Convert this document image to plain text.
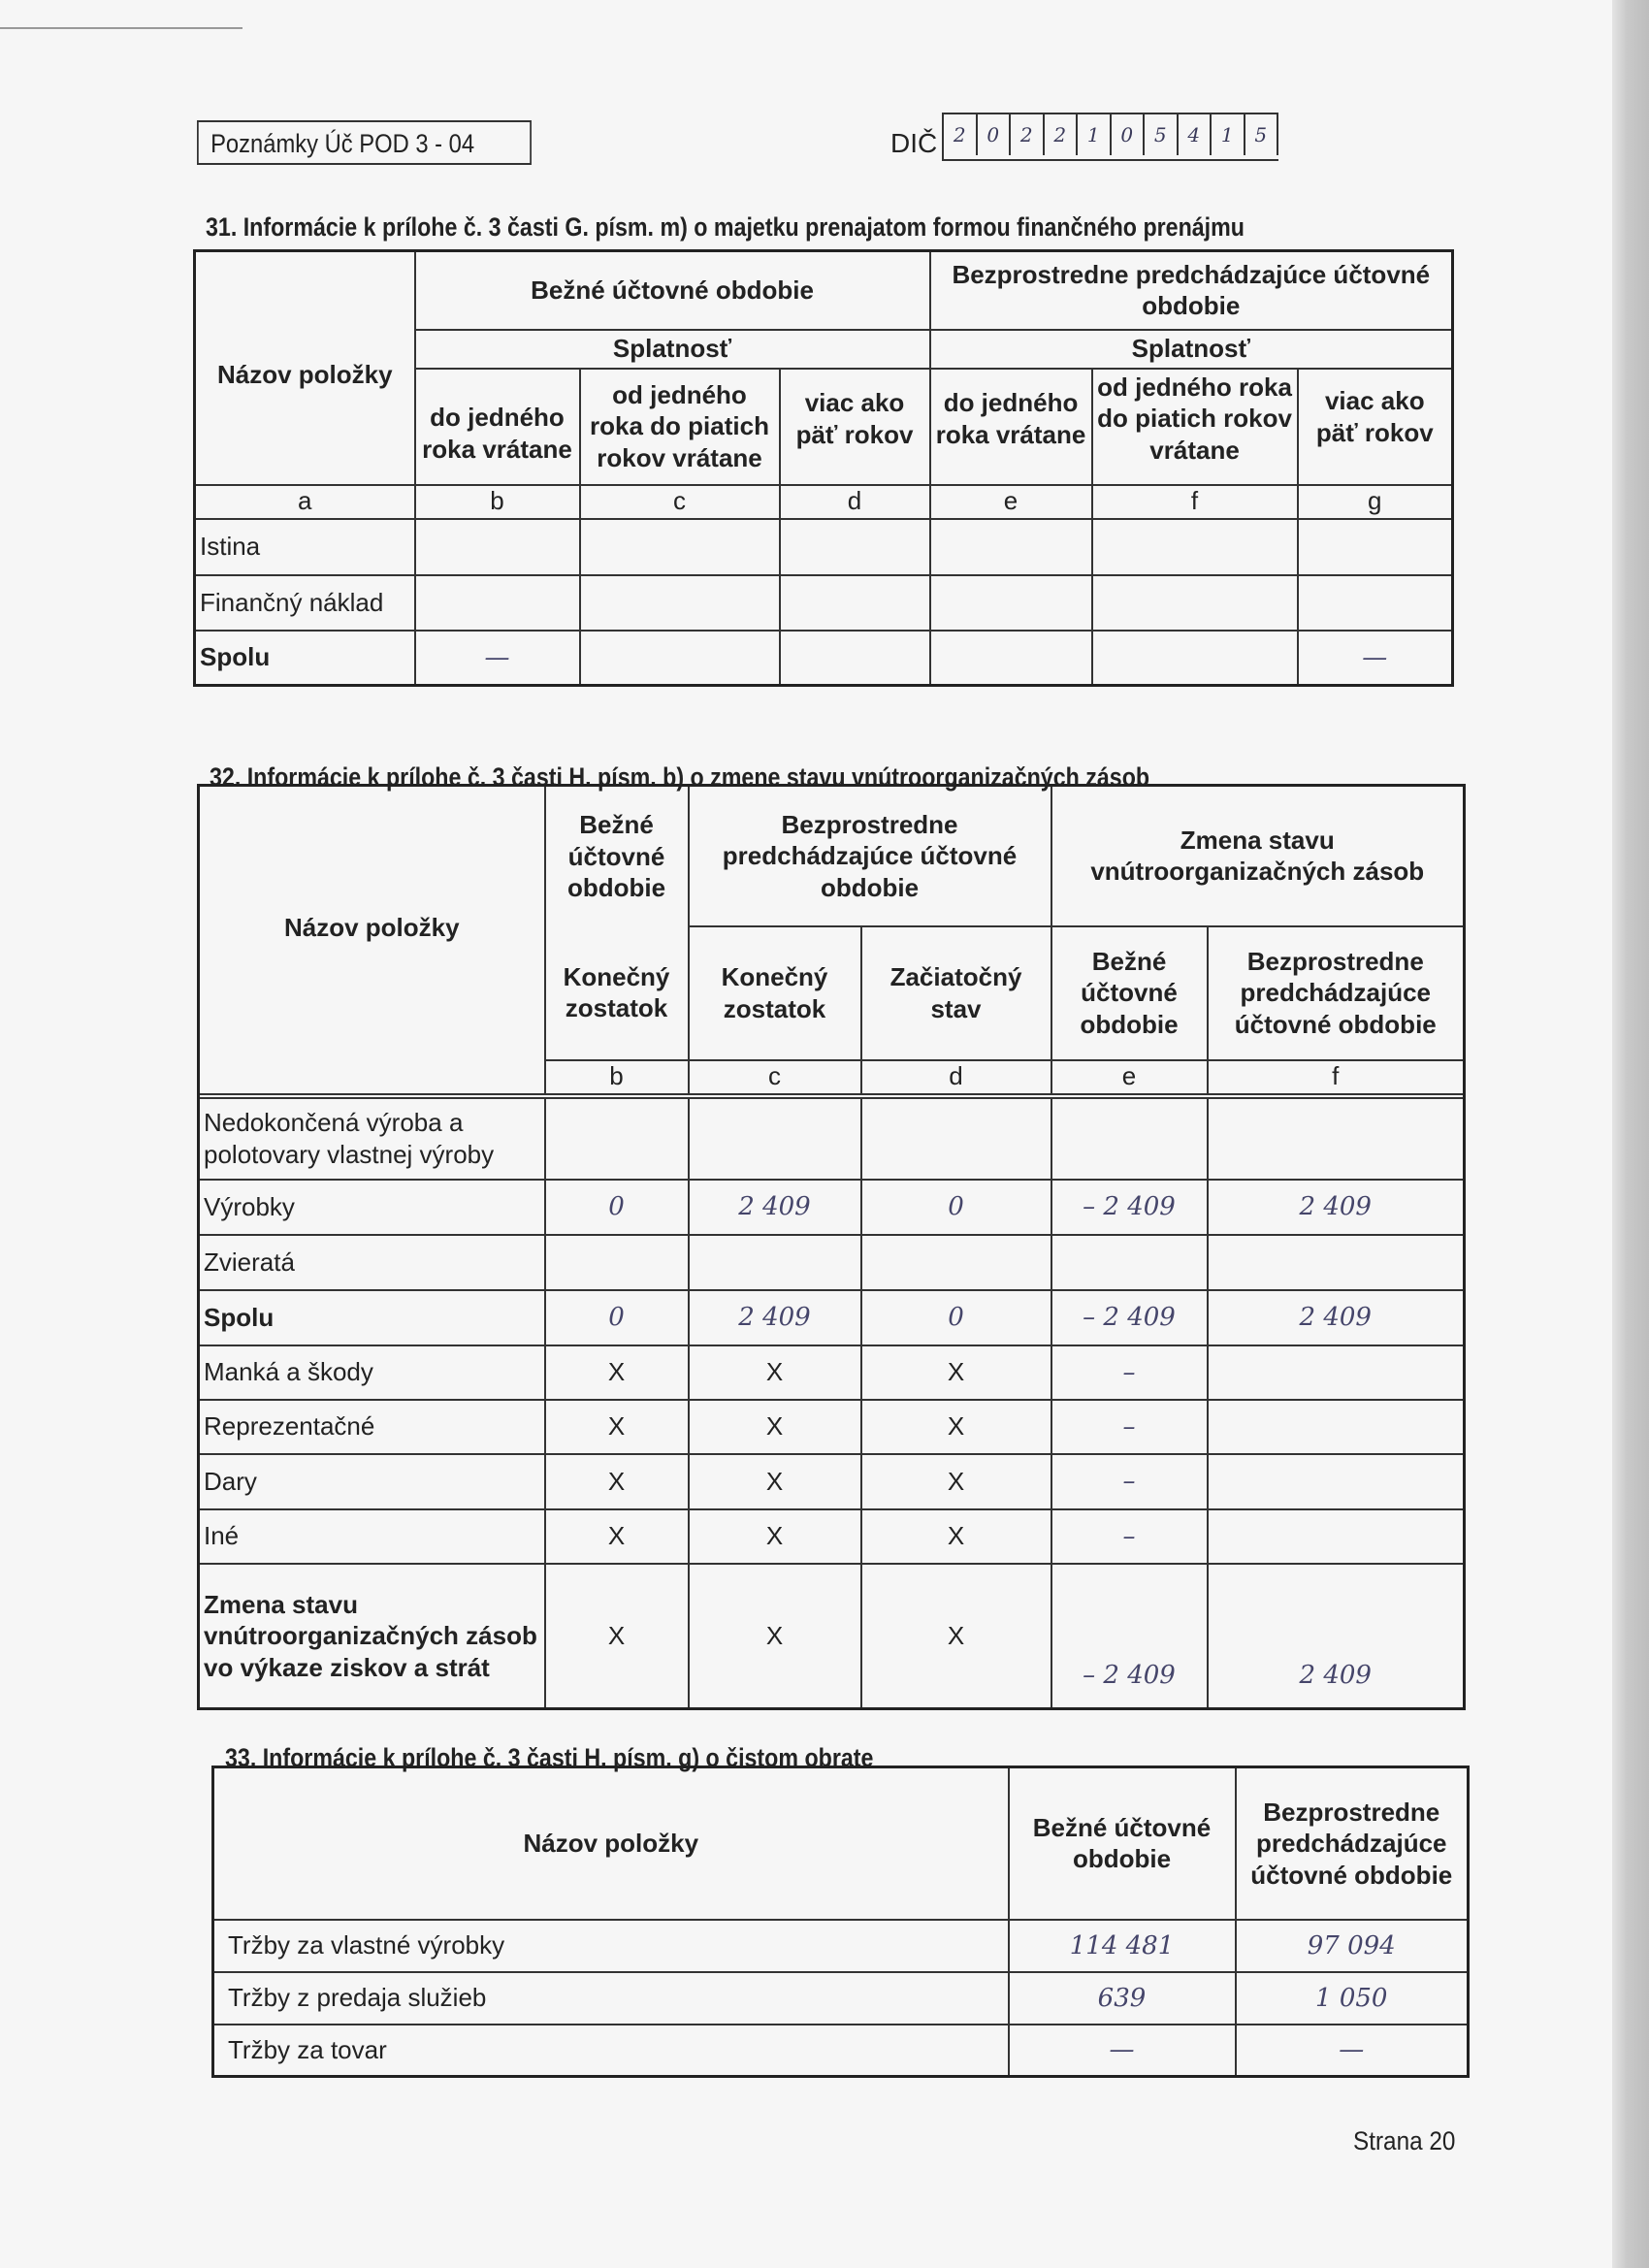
Poznámky Úč POD 3 - 04	DIČ 2	0	2	2	1	0	5	4	1	5
31. Informácie k prílohe č. 3 časti G. písm. m) o majetku prenajatom formou finančného prenájmu
Názov položky	Bežné účtovné obdobie			Bezprostredne predchádzajúce účtovné obdobie		
	Splatnosť			Splatnosť		
	do jedného roka vrátane	od jedného roka do piatich rokov vrátane	viac ako päť rokov	do jedného roka vrátane	od jedného roka do piatich rokov vrátane	viac ako päť rokov
a	b	c	d	e	f	g
Istina						
Finančný náklad						
Spolu	—					—
32. Informácie k prílohe č. 3 časti H. písm. b) o zmene stavu vnútroorganizačných zásob
Názov položky	Bežné účtovné obdobie	Bezprostredne predchádzajúce účtovné obdobie		Zmena stavu vnútroorganizačných zásob	
	Konečný zostatok	Konečný zostatok	Začiatočný stav	Bežné účtovné obdobie	Bezprostredne predchádzajúce účtovné obdobie
	b	c	d	e	f

Nedokončená výroba a polotovary vlastnej výroby					
Výrobky	0	2 409	0	– 2 409	2 409
Zvieratá					
Spolu	0	2 409	0	– 2 409	2 409
Manká a škody	X	X	X	–	
Reprezentačné	X	X	X	–	
Dary	X	X	X	–	
Iné	X	X	X	–	
Zmena stavu vnútroorganizačných zásob vo výkaze ziskov a strát	X	X	X	– 2 409	2 409
33. Informácie k prílohe č. 3 časti H. písm. g) o čistom obrate
Názov položky	Bežné účtovné obdobie	Bezprostredne predchádzajúce účtovné obdobie
Tržby za vlastné výrobky	114 481	97 094
Tržby z predaja služieb	639	1 050
Tržby za tovar	—	—
Strana 20
